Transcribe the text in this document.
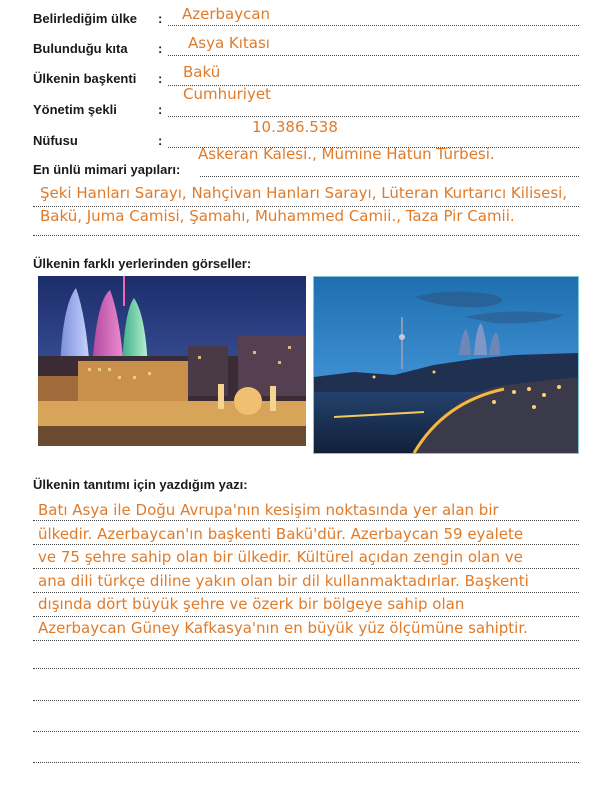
Belirlediğim ülke : Azerbaycan
Bulunduğu kıta : Asya Kıtası
Ülkenin başkenti : Bakü
Yönetim şekli	:
Cumhuriyet
Nüfusu	:
10.386.538
En ünlü mimari yapıları:
Askeran Kalesi., Mümine Hatun Türbesi.
Şeki Hanları Sarayı, Nahçivan Hanları Sarayı, Lüteran Kurtarıcı Kilisesi,
Bakü, Juma Camisi, Şamahı, Muhammed Camii., Taza Pir Camii.
Ülkenin farklı yerlerinden görseller:
Ülkenin tanıtımı için yazdığım yazı:
Batı Asya ile Doğu Avrupa'nın kesişim noktasında yer alan bir
ülkedir. Azerbaycan'ın başkenti Bakü'dür. Azerbaycan 59 eyalete
ve 75 şehre sahip olan bir ülkedir. Kültürel açıdan zengin olan ve
ana dili türkçe diline yakın olan bir dil kullanmaktadırlar. Başkenti
dışında dört büyük şehre ve özerk bir bölgeye sahip olan
Azerbaycan Güney Kafkasya'nın en büyük yüz ölçümüne sahiptir.
